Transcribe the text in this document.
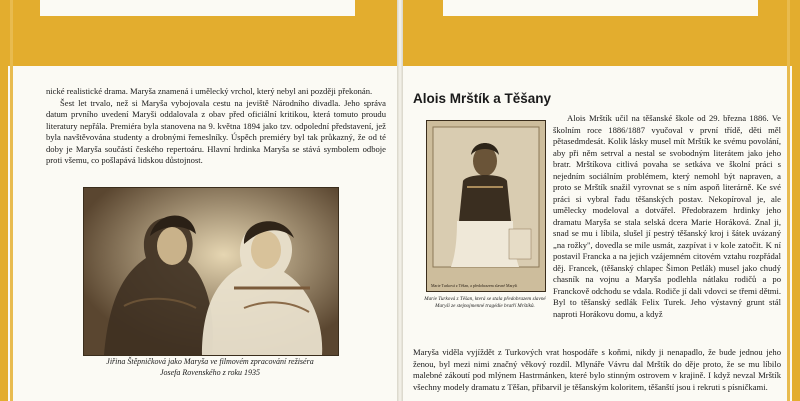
nické realistické drama. Maryša znamená i umělecký vrchol, který nebyl ani později překonán.

Šest let trvalo, než si Maryša vybojovala cestu na jeviště Národního divadla. Jeho správa datum prvního uvedení Maryši oddalovala z obav před oficiální kritikou, která tomuto proudu literatury nepřála. Premiéra byla stanovena na 9. května 1894 jako tzv. odpolední představení, jež byla navštěvována studenty a drobnými řemeslníky. Úspěch premiéry byl tak průkazný, že od té doby je Maryša součástí českého repertoáru. Hlavní hrdinka Maryša se stává symbolem odboje proti všemu, co pošlapává lidskou důstojnost.

Jiřina Štěpničková jako Maryša ve filmovém zpracování režiséra
Josefa Rovenského z roku 1935
Alois Mrštík a Těšany
Marie Turková z Těšan, a předobrazem slavné Maryši
Marie Turková z Těšan, která se stala předobrazem slavné Maryši ze stejnojmenné tragédie bratří Mrštíků.

Alois Mrštík učil na těšanské škole od 29. března 1886. Ve školním roce 1886/1887 vyučoval v první třídě, děti měl pětasedmdesát. Kolik lásky musel mít Mrštík ke svému povolání, aby při něm setrval a nestal se svobodným literátem jako jeho bratr. Mrštíkova citlivá povaha se setkáva ve školní práci s nejedním sociálním problémem, který nemohl být napraven, a proto se Mrštík snažil vyrovnat se s ním aspoň literárně. Ke své práci si vybral řadu těšanských postav. Nekopíroval je, ale umělecky modeloval a dotvářel. Předobrazem hrdinky jeho dramatu Maryša se stala selská dcera Marie Horáková. Znal ji, snad se mu i líbila, slušel jí pestrý těšanský kroj i šátek uvázaný „na rožky", dovedla se mile usmát, zazpívat i v kole zatočit. K ní postavil Francka a na jejich vzájemném citovém vztahu rozpřádal děj. Francek, (těšanský chlapec Šimon Petlák) musel jako chudý chasník na vojnu a Maryša podlehla nátlaku rodičů a po Franckově odchodu se vdala. Rodiče jí dali vdovci se třemi dětmi. Byl to těšanský sedlák Felix Turek. Jeho výstavný grunt stál naproti Horákovu domu, a když

Maryša viděla vyjíždět z Turkových vrat hospodáře s koňmi, nikdy ji nenapadlo, že bude jednou jeho ženou, byl mezi nimi značný věkový rozdíl. Mlynáře Vávru dal Mrštík do děje proto, že se mu líbilo malebné zákoutí pod mlýnem Hastrmánken, které bylo stinným ostrovem v krajině. I když nevzal Mrštík všechny modely dramatu z Těšan, přibarvil je těšanským koloritem, těšanští jsou i rekruti s písničkami.
